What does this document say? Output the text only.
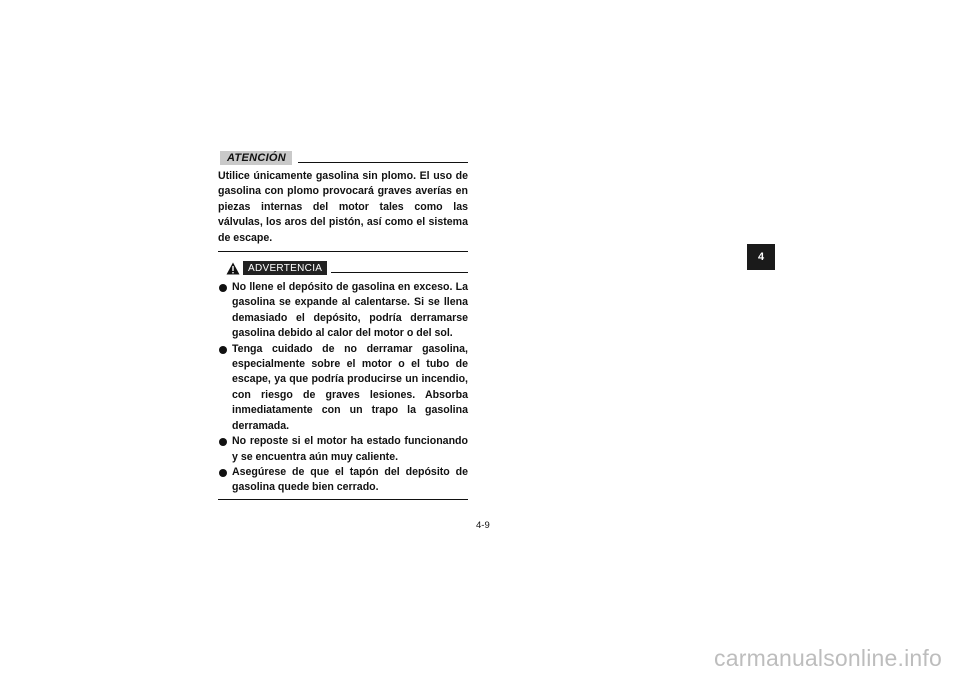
ATENCIÓN
Utilice únicamente gasolina sin plomo. El uso de gasolina con plomo provocará graves averías en piezas internas del motor tales como las válvulas, los aros del pistón, así como el sistema de escape.
ADVERTENCIA
No llene el depósito de gasolina en exceso. La gasolina se expande al calentarse. Si se llena demasiado el depósito, podría derramarse gasolina debido al calor del motor o del sol.
Tenga cuidado de no derramar gasolina, especialmente sobre el motor o el tubo de escape, ya que podría producirse un incendio, con riesgo de graves lesiones. Absorba inmediatamente con un trapo la gasolina derramada.
No reposte si el motor ha estado funcionando y se encuentra aún muy caliente.
Asegúrese de que el tapón del depósito de gasolina quede bien cerrado.
4-9
4
carmanualsonline.info
